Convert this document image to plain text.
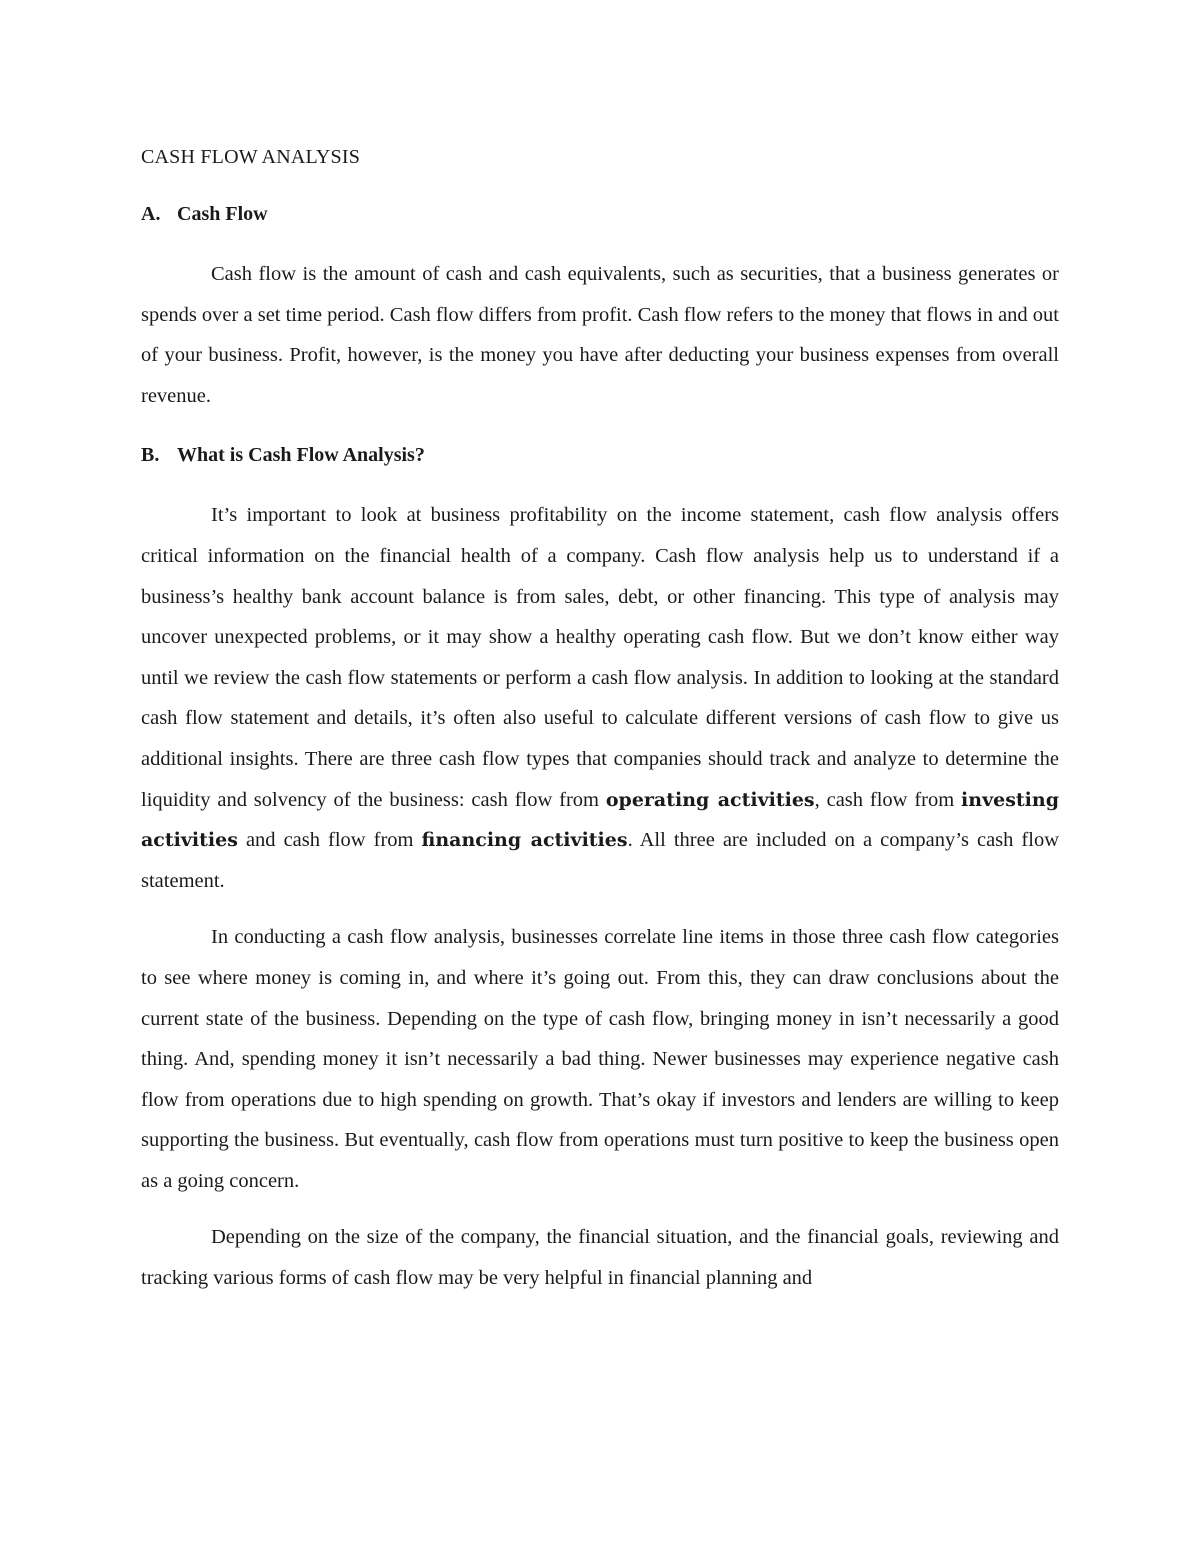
CASH FLOW ANALYSIS
A. Cash Flow

Cash flow is the amount of cash and cash equivalents, such as securities, that a business generates or spends over a set time period. Cash flow differs from profit. Cash flow refers to the money that flows in and out of your business. Profit, however, is the money you have after deducting your business expenses from overall revenue.

B. What is Cash Flow Analysis?

It’s important to look at business profitability on the income statement, cash flow analysis offers critical information on the financial health of a company. Cash flow analysis help us to understand if a business’s healthy bank account balance is from sales, debt, or other financing. This type of analysis may uncover unexpected problems, or it may show a healthy operating cash flow. But we don’t know either way until we review the cash flow statements or perform a cash flow analysis. In addition to looking at the standard cash flow statement and details, it’s often also useful to calculate different versions of cash flow to give us additional insights. There are three cash flow types that companies should track and analyze to determine the liquidity and solvency of the business: cash flow from operating activities, cash flow from investing activities and cash flow from financing activities. All three are included on a company’s cash flow statement.

In conducting a cash flow analysis, businesses correlate line items in those three cash flow categories to see where money is coming in, and where it’s going out. From this, they can draw conclusions about the current state of the business. Depending on the type of cash flow, bringing money in isn’t necessarily a good thing. And, spending money it isn’t necessarily a bad thing. Newer businesses may experience negative cash flow from operations due to high spending on growth. That’s okay if investors and lenders are willing to keep supporting the business. But eventually, cash flow from operations must turn positive to keep the business open as a going concern.

Depending on the size of the company, the financial situation, and the financial goals, reviewing and tracking various forms of cash flow may be very helpful in financial planning and
